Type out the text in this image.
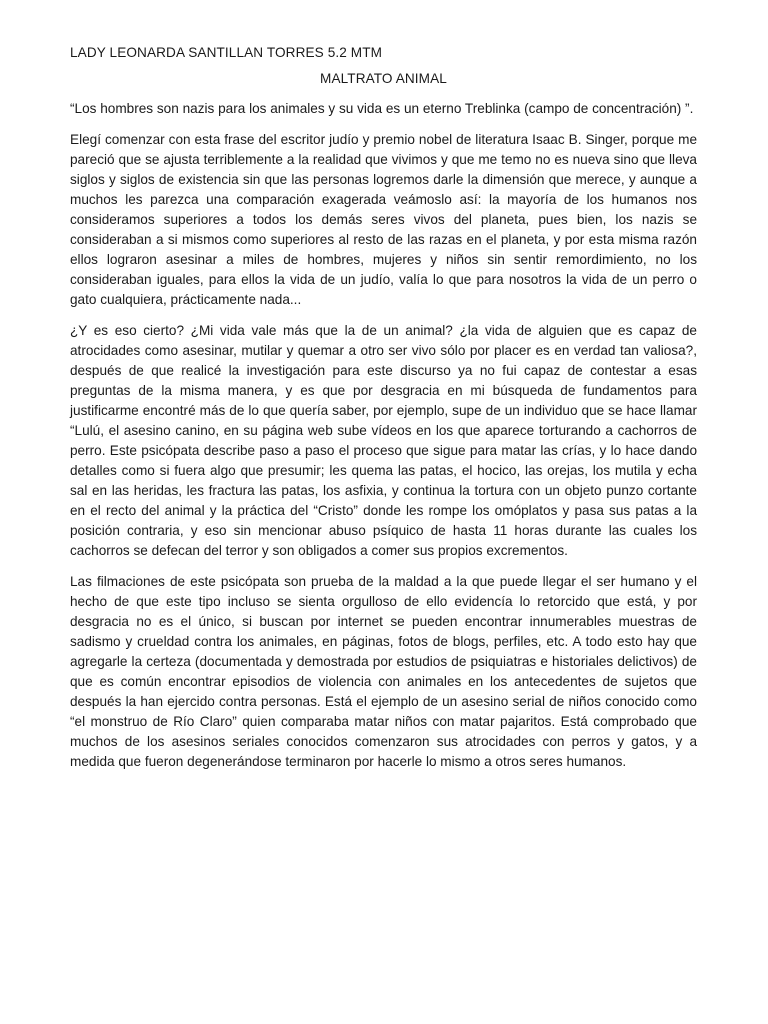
LADY LEONARDA SANTILLAN TORRES 5.2 MTM

MALTRATO ANIMAL

“Los hombres son nazis para los animales y su vida es un eterno Treblinka (campo de concentración) ”.

Elegí comenzar con esta frase del escritor judío y premio nobel de literatura Isaac B. Singer, porque me pareció que se ajusta terriblemente a la realidad que vivimos y que me temo no es nueva sino que lleva siglos y siglos de existencia sin que las personas logremos darle la dimensión que merece, y aunque a muchos les parezca una comparación exagerada veámoslo así: la mayoría de los humanos nos consideramos superiores a todos los demás seres vivos del planeta, pues bien, los nazis se consideraban a si mismos como superiores al resto de las razas en el planeta, y por esta misma razón ellos lograron asesinar a miles de hombres, mujeres y niños sin sentir remordimiento, no los consideraban iguales, para ellos la vida de un judío, valía lo que para nosotros la vida de un perro o gato cualquiera, prácticamente nada...

¿Y es eso cierto? ¿Mi vida vale más que la de un animal? ¿la vida de alguien que es capaz de atrocidades como asesinar, mutilar y quemar a otro ser vivo sólo por placer es en verdad tan valiosa?, después de que realicé la investigación para este discurso ya no fui capaz de contestar a esas preguntas de la misma manera, y es que por desgracia en mi búsqueda de fundamentos para justificarme encontré más de lo que quería saber, por ejemplo, supe de un individuo que se hace llamar “Lulú, el asesino canino, en su página web sube vídeos en los que aparece torturando a cachorros de perro. Este psicópata describe paso a paso el proceso que sigue para matar las crías, y lo hace dando detalles como si fuera algo que presumir; les quema las patas, el hocico, las orejas, los mutila y echa sal en las heridas, les fractura las patas, los asfixia, y continua la tortura con un objeto punzo cortante en el recto del animal y la práctica del “Cristo” donde les rompe los omóplatos y pasa sus patas a la posición contraria, y eso sin mencionar abuso psíquico de hasta 11 horas durante las cuales los cachorros se defecan del terror y son obligados a comer sus propios excrementos.

Las filmaciones de este psicópata son prueba de la maldad a la que puede llegar el ser humano y el hecho de que este tipo incluso se sienta orgulloso de ello evidencía lo retorcido que está, y por desgracia no es el único, si buscan por internet se pueden encontrar innumerables muestras de sadismo y crueldad contra los animales, en páginas, fotos de blogs, perfiles, etc. A todo esto hay que agregarle la certeza (documentada y demostrada por estudios de psiquiatras e historiales delictivos) de que es común encontrar episodios de violencia con animales en los antecedentes de sujetos que después la han ejercido contra personas. Está el ejemplo de un asesino serial de niños conocido como “el monstruo de Río Claro” quien comparaba matar niños con matar pajaritos. Está comprobado que muchos de los asesinos seriales conocidos comenzaron sus atrocidades con perros y gatos, y a medida que fueron degenerándose terminaron por hacerle lo mismo a otros seres humanos.
